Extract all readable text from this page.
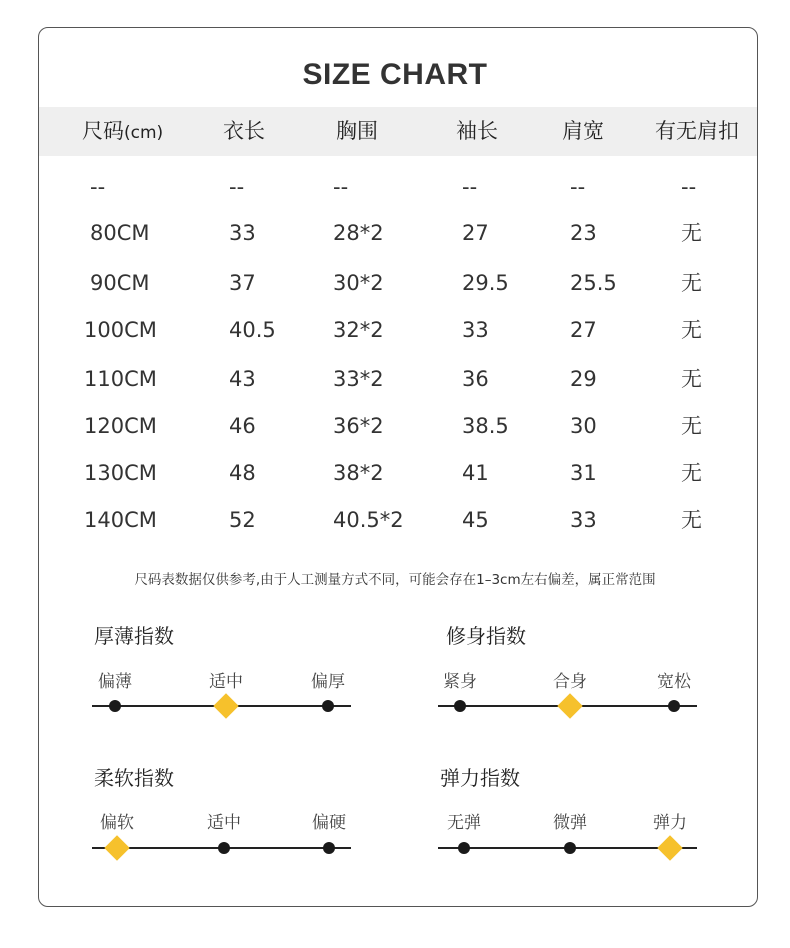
SIZE CHART
尺码(cm)	衣长	胸围	袖长	肩宽 有无肩扣
--	--	--	--	--	--
80CM	33	28*2	27	23	无
90CM	37	30*2	29.5	25.5	无
100CM	40.5	32*2	33	27	无
110CM	43	33*2	36	29	无
120CM	46	36*2	38.5	30	无
130CM	48	38*2	41	31	无
140CM	52	40.5*2	45	33	无
尺码表数据仅供参考,由于人工测量方式不同，可能会存在1–3cm左右偏差，属正常范围
厚薄指数
偏薄	适中	偏厚
修身指数
紧身	合身	宽松
柔软指数
偏软	适中	偏硬
弹力指数
无弹	微弹	弹力
